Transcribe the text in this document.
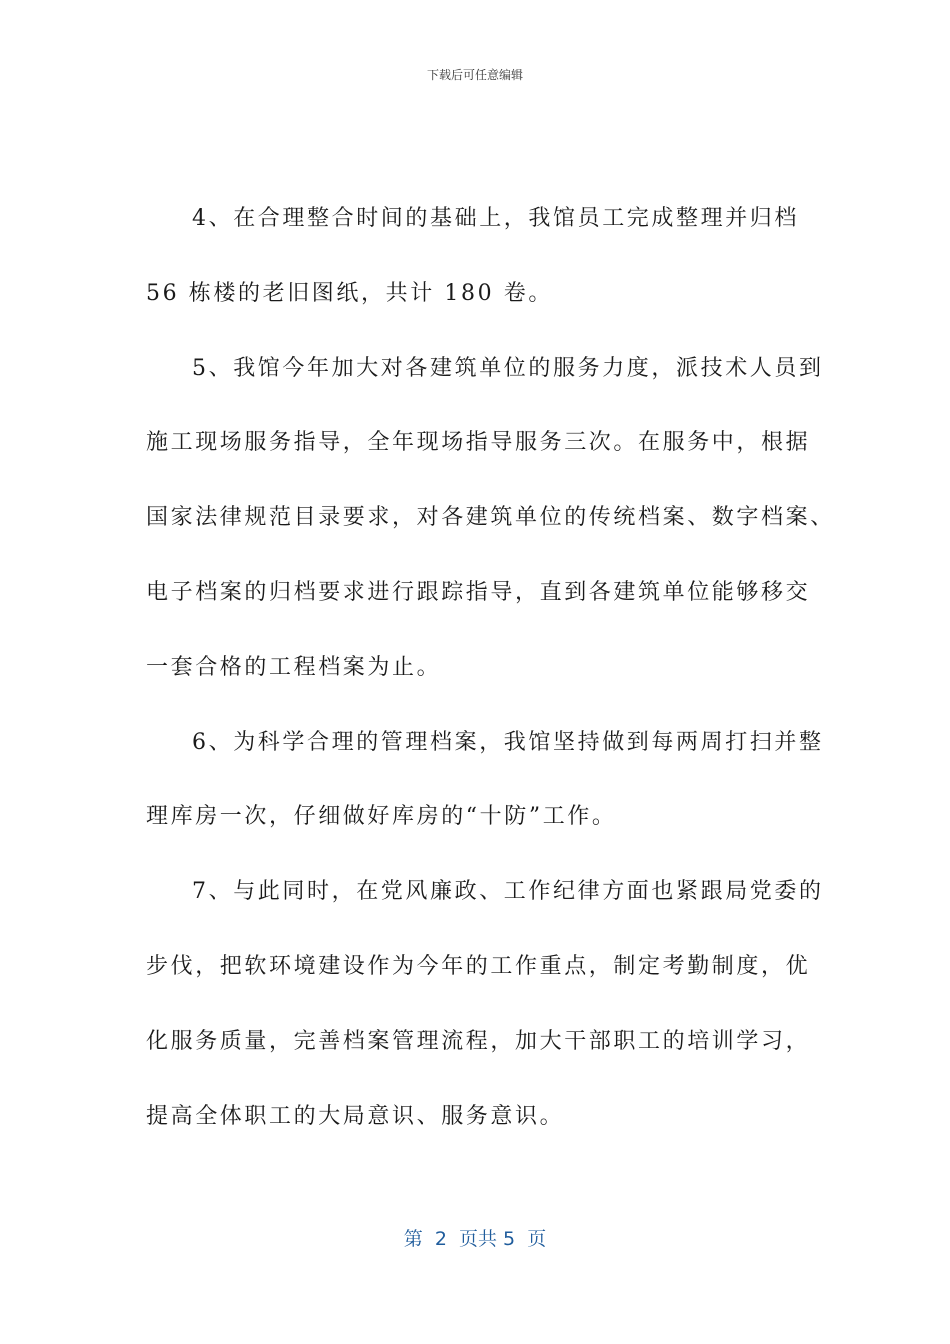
下载后可任意编辑

4、在合理整合时间的基础上，我馆员工完成整理并归档

56 栋楼的老旧图纸，共计 180 卷。

5、我馆今年加大对各建筑单位的服务力度，派技术人员到

施工现场服务指导，全年现场指导服务三次。在服务中，根据

国家法律规范目录要求，对各建筑单位的传统档案、数字档案、

电子档案的归档要求进行跟踪指导，直到各建筑单位能够移交

一套合格的工程档案为止。

6、为科学合理的管理档案，我馆坚持做到每两周打扫并整

理库房一次，仔细做好库房的“十防”工作。

7、与此同时，在党风廉政、工作纪律方面也紧跟局党委的

步伐，把软环境建设作为今年的工作重点，制定考勤制度，优

化服务质量，完善档案管理流程，加大干部职工的培训学习，

提高全体职工的大局意识、服务意识。

第  2  页共 5  页
